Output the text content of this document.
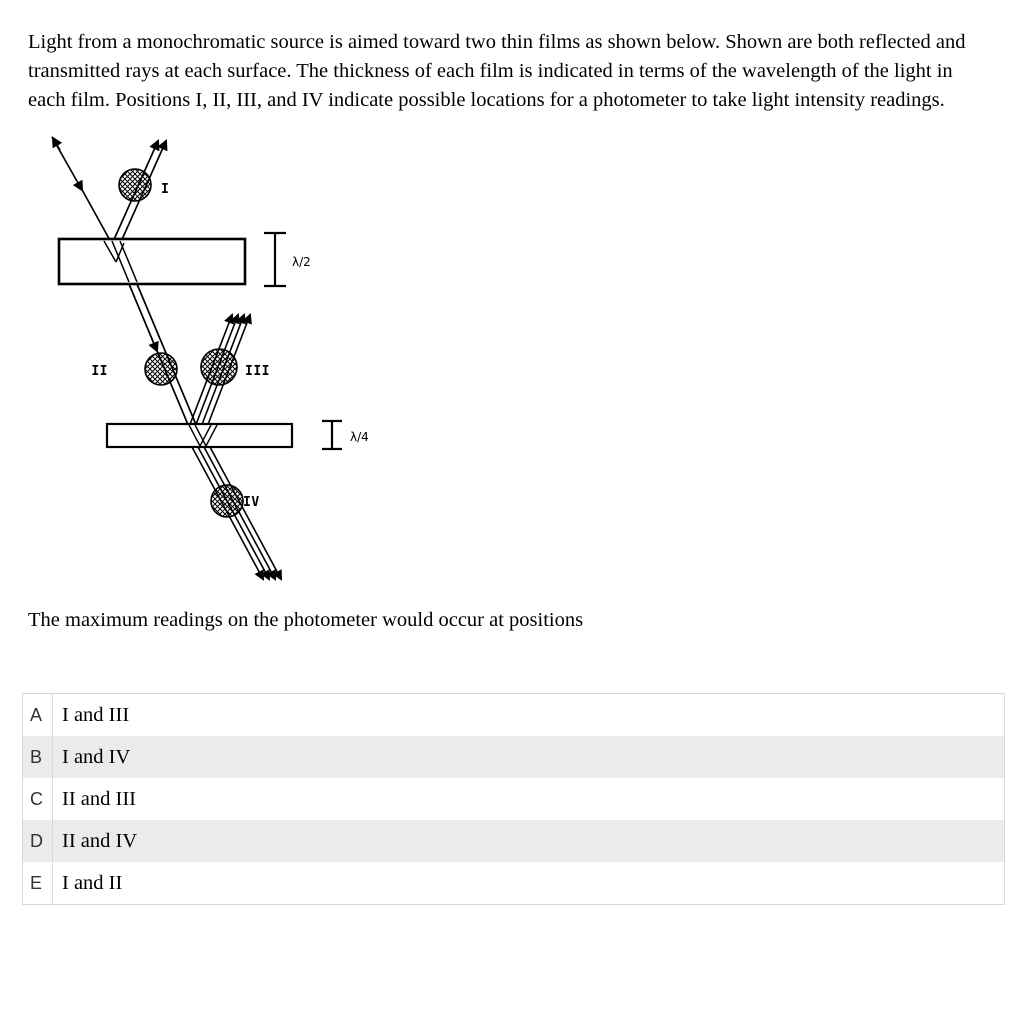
Light from a monochromatic source is aimed toward two thin films as shown below. Shown are both reflected and transmitted rays at each surface. The thickness of each film is indicated in terms of the wavelength of the light in each film. Positions I, II, III, and IV indicate possible locations for a photometer to take light intensity readings.

I
λ/2
II	III
λ/4
IV

The maximum readings on the photometer would occur at positions

A I and III
B I and IV
C II and III
D II and IV
E I and II
